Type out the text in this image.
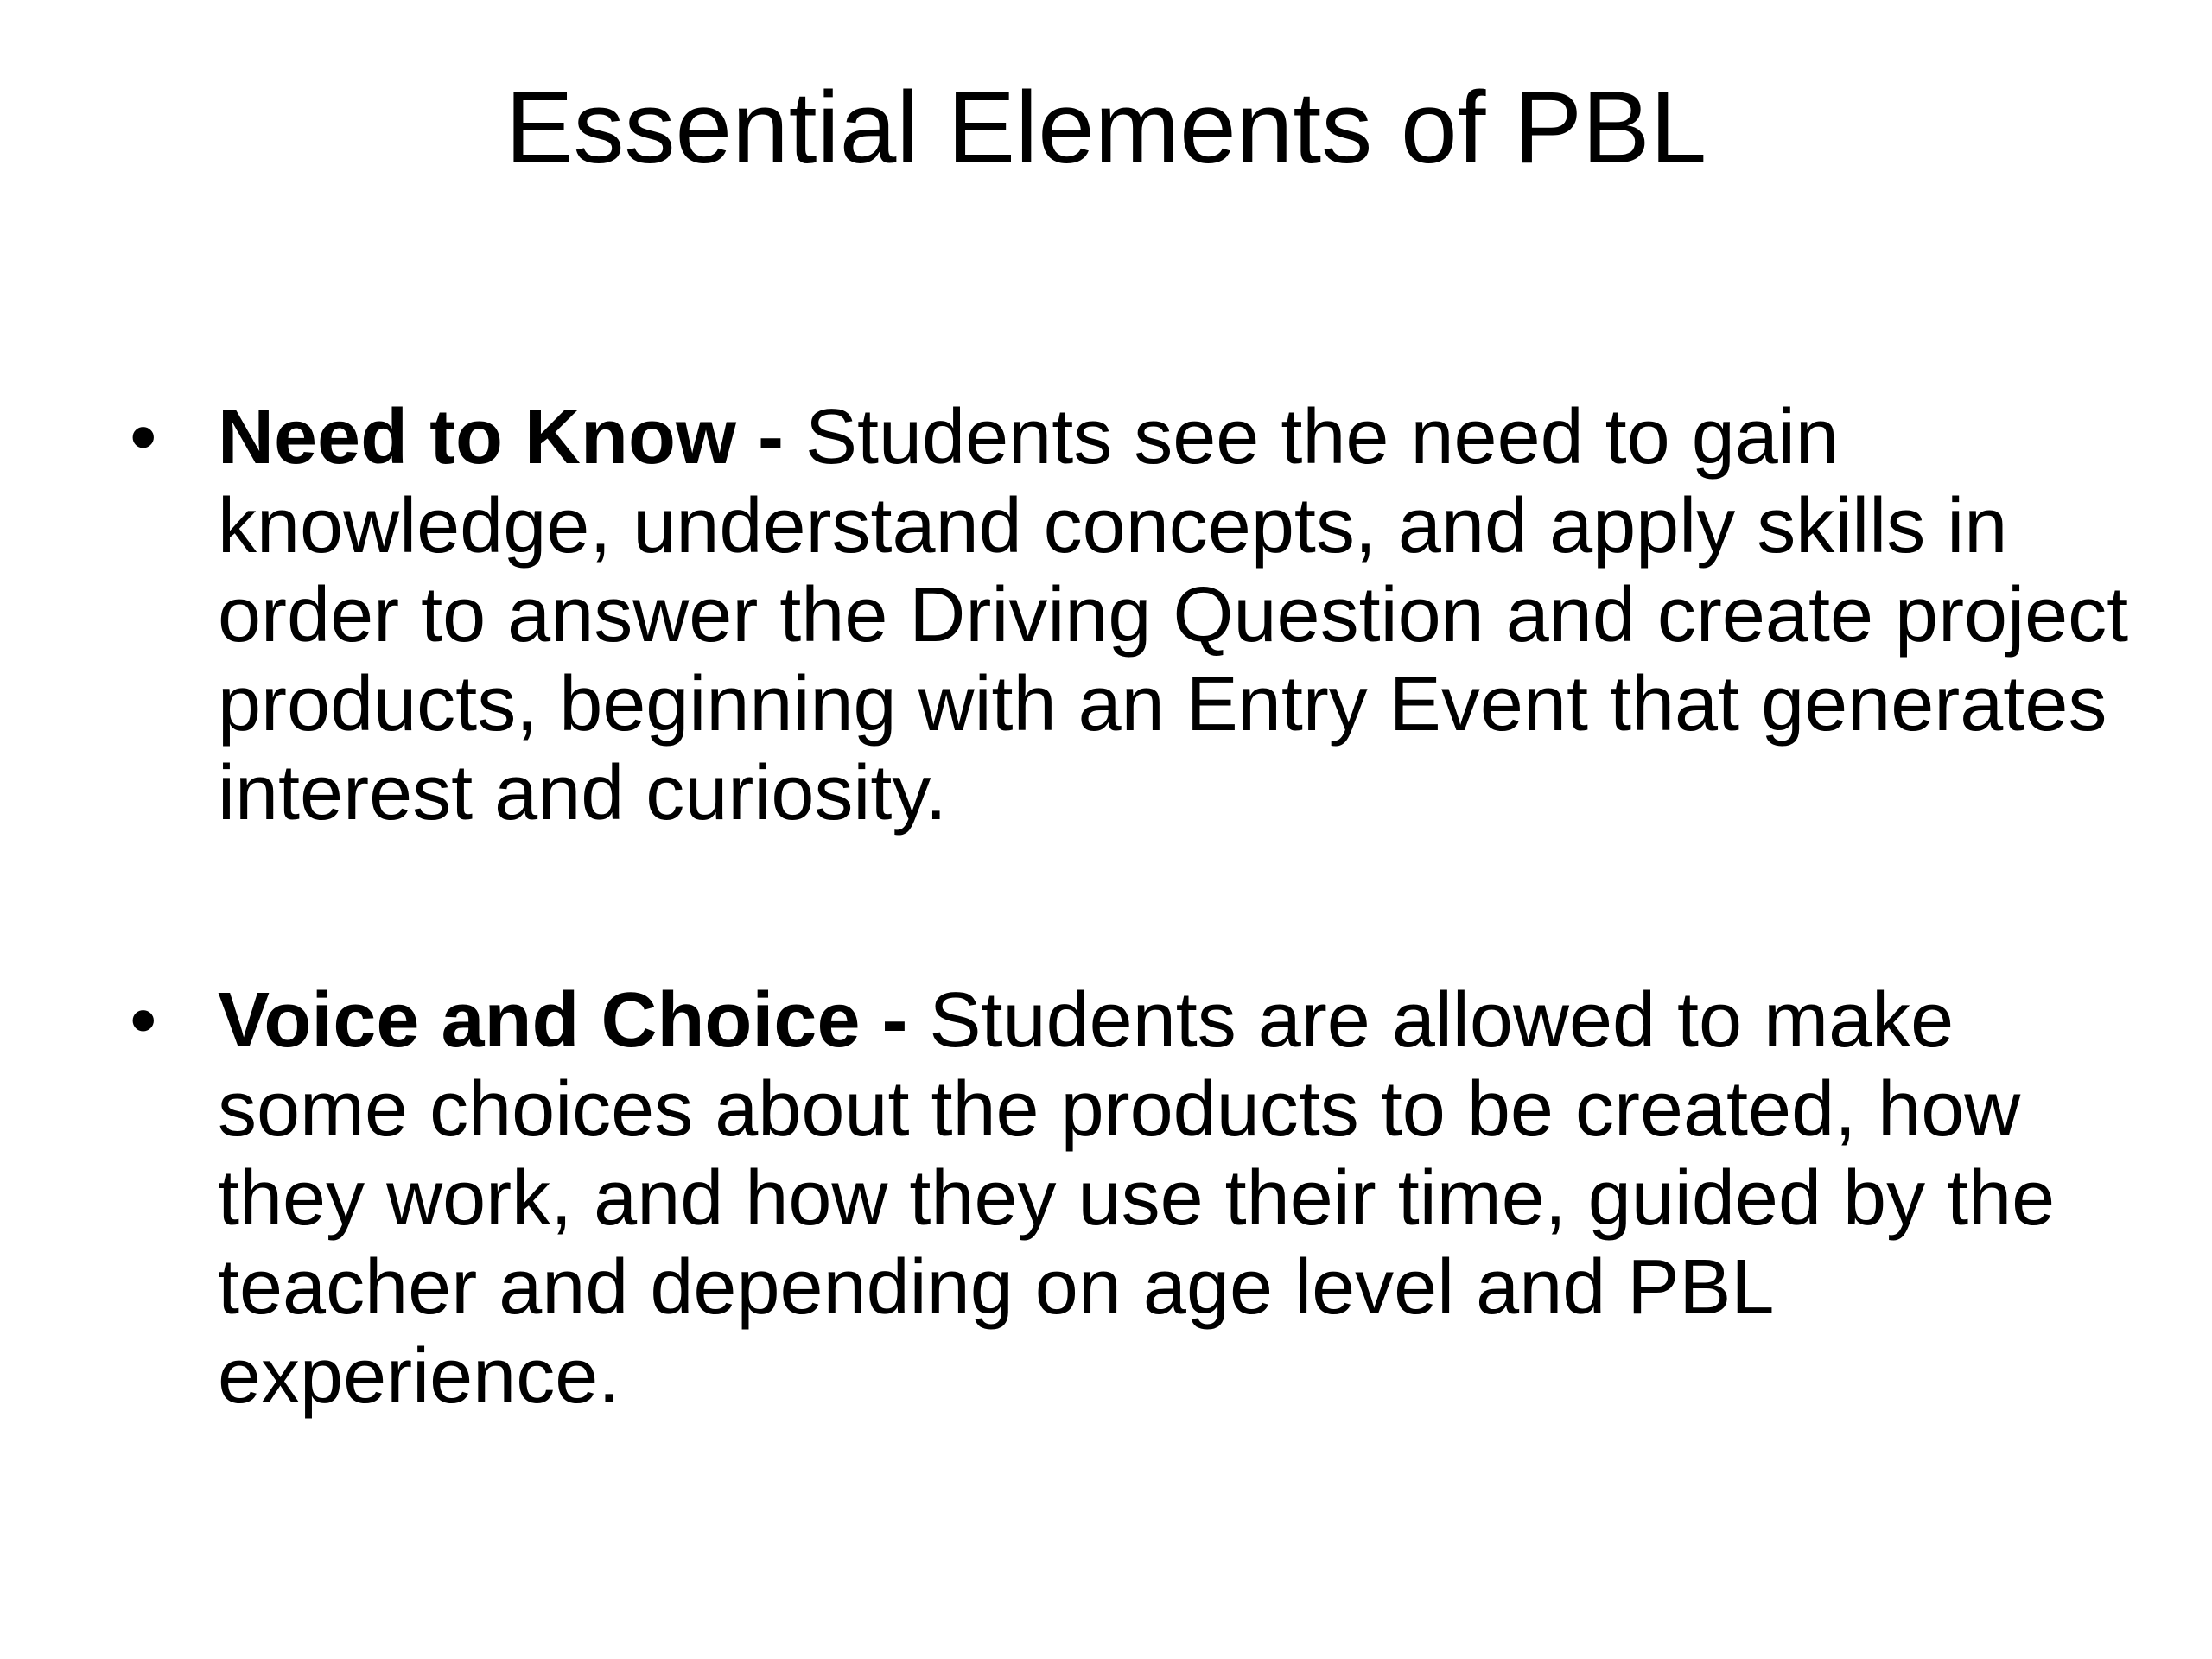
Essential Elements of PBL
• Need to Know - Students see the need to gain knowledge, understand concepts, and apply skills in order to answer the Driving Question and create project products, beginning with an Entry Event that generates interest and curiosity.
• Voice and Choice - Students are allowed to make some choices about the products to be created, how they work, and how they use their time, guided by the teacher and depending on age level and PBL experience.
